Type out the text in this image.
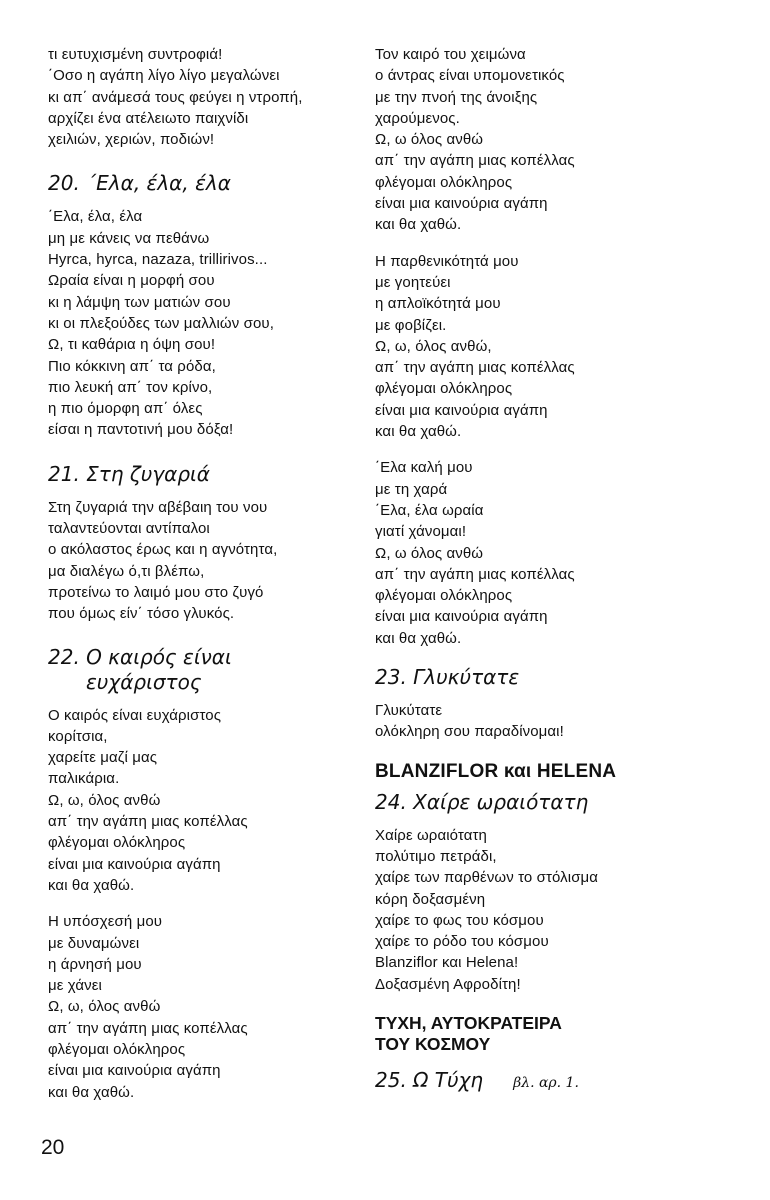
τι ευτυχισμένη συντροφιά!
΄Οσο η αγάπη λίγο λίγο μεγαλώνει
κι απ΄ ανάμεσά τους φεύγει η ντροπή,
αρχίζει ένα ατέλειωτο παιχνίδι
χειλιών, χεριών, ποδιών!
20. ΄Ελα, έλα, έλα
΄Ελα, έλα, έλα
μη με κάνεις να πεθάνω
Hyrca, hyrca, nazaza, trillirivos...
Ωραία είναι η μορφή σου
κι η λάμψη των ματιών σου
κι οι πλεξούδες των μαλλιών σου,
Ω, τι καθάρια η όψη σου!
Πιο κόκκινη απ΄ τα ρόδα,
πιο λευκή απ΄ τον κρίνο,
η πιο όμορφη απ΄ όλες
είσαι η παντοτινή μου δόξα!
21. Στη ζυγαριά
Στη ζυγαριά την αβέβαιη του νου
ταλαντεύονται αντίπαλοι
ο ακόλαστος έρως και η αγνότητα,
μα διαλέγω ό,τι βλέπω,
προτείνω το λαιμό μου στο ζυγό
που όμως είν΄ τόσο γλυκός.
22. Ο καιρός είναι
ευχάριστος
Ο καιρός είναι ευχάριστος
κορίτσια,
χαρείτε μαζί μας
παλικάρια.
Ω, ω, όλος ανθώ
απ΄ την αγάπη μιας κοπέλλας
φλέγομαι ολόκληρος
είναι μια καινούρια αγάπη
και θα χαθώ.
Η υπόσχεσή μου
με δυναμώνει
η άρνησή μου
με χάνει
Ω, ω, όλος ανθώ
απ΄ την αγάπη μιας κοπέλλας
φλέγομαι ολόκληρος
είναι μια καινούρια αγάπη
και θα χαθώ.
Τον καιρό του χειμώνα
ο άντρας είναι υπομονετικός
με την πνοή της άνοιξης
χαρούμενος.
Ω, ω όλος ανθώ
απ΄ την αγάπη μιας κοπέλλας
φλέγομαι ολόκληρος
είναι μια καινούρια αγάπη
και θα χαθώ.
Η παρθενικότητά μου
με γοητεύει
η απλοϊκότητά μου
με φοβίζει.
Ω, ω, όλος ανθώ,
απ΄ την αγάπη μιας κοπέλλας
φλέγομαι ολόκληρος
είναι μια καινούρια αγάπη
και θα χαθώ.
΄Ελα καλή μου
με τη χαρά
΄Ελα, έλα ωραία
γιατί χάνομαι!
Ω, ω όλος ανθώ
απ΄ την αγάπη μιας κοπέλλας
φλέγομαι ολόκληρος
είναι μια καινούρια αγάπη
και θα χαθώ.
23. Γλυκύτατε
Γλυκύτατε
ολόκληρη σου παραδίνομαι!
BLANZIFLOR και HELENA
24. Χαίρε ωραιότατη
Χαίρε ωραιότατη
πολύτιμο πετράδι,
χαίρε των παρθένων το στόλισμα
κόρη δοξασμένη
χαίρε το φως του κόσμου
χαίρε το ρόδο του κόσμου
Blanziflor και Helena!
Δοξασμένη Αφροδίτη!
ΤΥΧΗ, ΑΥΤΟΚΡΑΤΕΙΡΑ
ΤΟΥ ΚΟΣΜΟΥ
25. Ω Τύχη βλ. αρ. 1.
20
